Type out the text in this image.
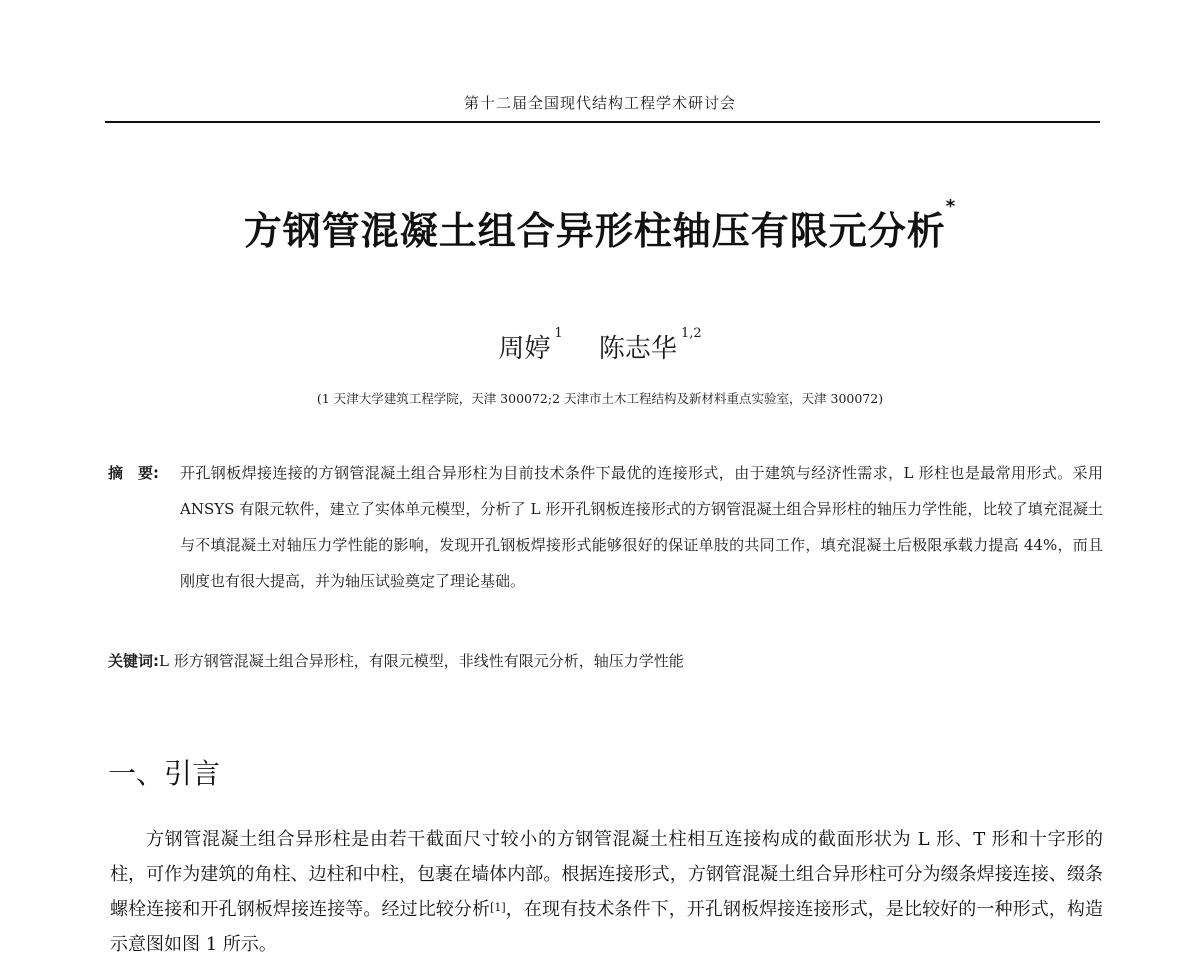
第十二届全国现代结构工程学术研讨会
方钢管混凝土组合异形柱轴压有限元分析*
周婷$^1$ 陈志华$^{1,2}$
(1 天津大学建筑工程学院，天津 300072;2 天津市土木工程结构及新材料重点实验室，天津 300072)
摘　要:	开孔钢板焊接连接的方钢管混凝土组合异形柱为目前技术条件下最优的连接形式，由于建筑与经济性需求，L 形柱也是最常用形式。采用 ANSYS 有限元软件，建立了实体单元模型，分析了 L 形开孔钢板连接形式的方钢管混凝土组合异形柱的轴压力学性能，比较了填充混凝土与不填混凝土对轴压力学性能的影响，发现开孔钢板焊接形式能够很好的保证单肢的共同工作，填充混凝土后极限承载力提高 44%，而且刚度也有很大提高，并为轴压试验奠定了理论基础。
关键词:L 形方钢管混凝土组合异形柱，有限元模型，非线性有限元分析，轴压力学性能
一、引言
方钢管混凝土组合异形柱是由若干截面尺寸较小的方钢管混凝土柱相互连接构成的截面形状为 L 形、T 形和十字形的柱，可作为建筑的角柱、边柱和中柱，包裹在墙体内部。根据连接形式，方钢管混凝土组合异形柱可分为缀条焊接连接、缀条螺栓连接和开孔钢板焊接连接等。经过比较分析[1]，在现有技术条件下，开孔钢板焊接连接形式，是比较好的一种形式，构造示意图如图 1 所示。
